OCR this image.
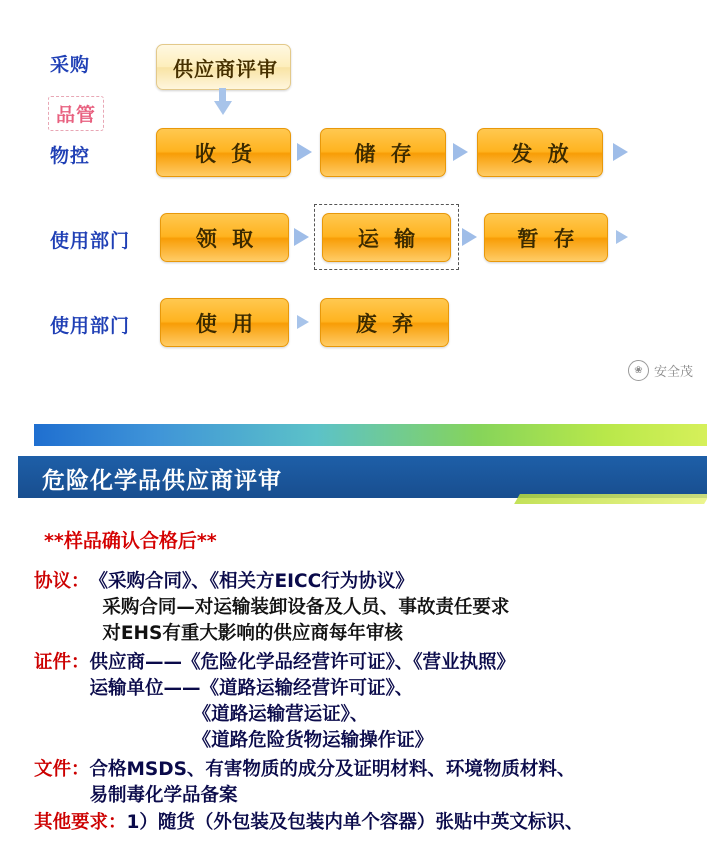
采购
品管
物控
使用部门
使用部门
供应商评审
收 货	储 存	发 放
领 取	运 输	暂 存
使 用	废 弃
❀ 安全茂
危险化学品供应商评审
**样品确认合格后**
协议： 《采购合同》、《相关方EICC行为协议》
采购合同—对运输装卸设备及人员、事故责任要求
对EHS有重大影响的供应商每年审核
证件： 供应商——《危险化学品经营许可证》、《营业执照》
运输单位——《道路运输经营许可证》、
《道路运输营运证》、
《道路危险货物运输操作证》
文件： 合格MSDS、有害物质的成分及证明材料、环境物质材料、
易制毒化学品备案
其他要求： 1）随货（外包装及包装内单个容器）张贴中英文标识、
